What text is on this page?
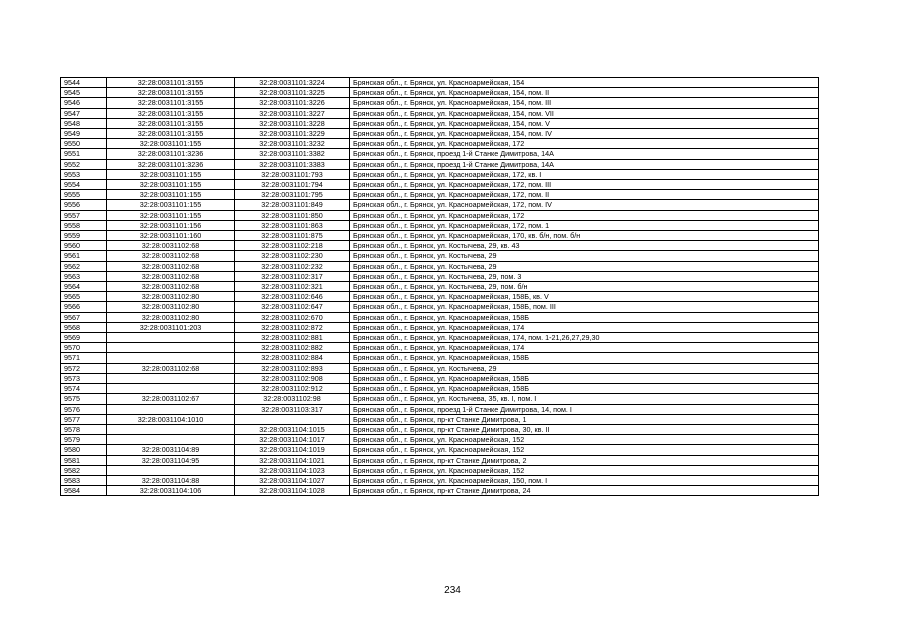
9544	32:28:0031101:3155	32:28:0031101:3224	Брянская обл., г. Брянск, ул. Красноармейская, 154
9545	32:28:0031101:3155	32:28:0031101:3225	Брянская обл., г. Брянск, ул. Красноармейская, 154, пом. II
9546	32:28:0031101:3155	32:28:0031101:3226	Брянская обл., г. Брянск, ул. Красноармейская, 154, пом. III
9547	32:28:0031101:3155	32:28:0031101:3227	Брянская обл., г. Брянск, ул. Красноармейская, 154, пом. VII
9548	32:28:0031101:3155	32:28:0031101:3228	Брянская обл., г. Брянск, ул. Красноармейская, 154, пом. V
9549	32:28:0031101:3155	32:28:0031101:3229	Брянская обл., г. Брянск, ул. Красноармейская, 154, пом. IV
9550	32:28:0031101:155	32:28:0031101:3232	Брянская обл., г. Брянск, ул. Красноармейская, 172
9551	32:28:0031101:3236	32:28:0031101:3382	Брянская обл., г. Брянск, проезд 1-й Станке Димитрова, 14А
9552	32:28:0031101:3236	32:28:0031101:3383	Брянская обл., г. Брянск, проезд 1-й Станке Димитрова, 14А
9553	32:28:0031101:155	32:28:0031101:793	Брянская обл., г. Брянск, ул. Красноармейская, 172, кв. I
9554	32:28:0031101:155	32:28:0031101:794	Брянская обл., г. Брянск, ул. Красноармейская, 172, пом. III
9555	32:28:0031101:155	32:28:0031101:795	Брянская обл., г. Брянск, ул. Красноармейская, 172, пом. II
9556	32:28:0031101:155	32:28:0031101:849	Брянская обл., г. Брянск, ул. Красноармейская, 172, пом. IV
9557	32:28:0031101:155	32:28:0031101:850	Брянская обл., г. Брянск, ул. Красноармейская, 172
9558	32:28:0031101:156	32:28:0031101:863	Брянская обл., г. Брянск, ул. Красноармейская, 172, пом. 1
9559	32:28:0031101:160	32:28:0031101:875	Брянская обл., г. Брянск, ул. Красноармейская, 170, кв. б/н, пом. б/н
9560	32:28:0031102:68	32:28:0031102:218	Брянская обл., г. Брянск, ул. Костычева, 29, кв. 43
9561	32:28:0031102:68	32:28:0031102:230	Брянская обл., г. Брянск, ул. Костычева, 29
9562	32:28:0031102:68	32:28:0031102:232	Брянская обл., г. Брянск, ул. Костычева, 29
9563	32:28:0031102:68	32:28:0031102:317	Брянская обл., г. Брянск, ул. Костычева, 29, пом. 3
9564	32:28:0031102:68	32:28:0031102:321	Брянская обл., г. Брянск, ул. Костычева, 29, пом. б/н
9565	32:28:0031102:80	32:28:0031102:646	Брянская обл., г. Брянск, ул. Красноармейская, 158Б, кв. V
9566	32:28:0031102:80	32:28:0031102:647	Брянская обл., г. Брянск, ул. Красноармейская, 158Б, пом. III
9567	32:28:0031102:80	32:28:0031102:670	Брянская обл., г. Брянск, ул. Красноармейская, 158Б
9568	32:28:0031101:203	32:28:0031102:872	Брянская обл., г. Брянск, ул. Красноармейская, 174
9569		32:28:0031102:881	Брянская обл., г. Брянск, ул. Красноармейская, 174, пом. 1-21,26,27,29,30
9570		32:28:0031102:882	Брянская обл., г. Брянск, ул. Красноармейская, 174
9571		32:28:0031102:884	Брянская обл., г. Брянск, ул. Красноармейская, 158Б
9572	32:28:0031102:68	32:28:0031102:893	Брянская обл., г. Брянск, ул. Костычева, 29
9573		32:28:0031102:908	Брянская обл., г. Брянск, ул. Красноармейская, 158Б
9574		32:28:0031102:912	Брянская обл., г. Брянск, ул. Красноармейская, 158Б
9575	32:28:0031102:67	32:28:0031102:98	Брянская обл., г. Брянск, ул. Костычева, 35, кв. I, пом. I
9576		32:28:0031103:317	Брянская обл., г. Брянск, проезд 1-й Станке Димитрова, 14, пом. I
9577	32:28:0031104:1010		Брянская обл., г. Брянск, пр-кт Станке Димитрова, 1
9578		32:28:0031104:1015	Брянская обл., г. Брянск, пр-кт Станке Димитрова, 30, кв. II
9579		32:28:0031104:1017	Брянская обл., г. Брянск, ул. Красноармейская, 152
9580	32:28:0031104:89	32:28:0031104:1019	Брянская обл., г. Брянск, ул. Красноармейская, 152
9581	32:28:0031104:95	32:28:0031104:1021	Брянская обл., г. Брянск, пр-кт Станке Димитрова, 2
9582		32:28:0031104:1023	Брянская обл., г. Брянск, ул. Красноармейская, 152
9583	32:28:0031104:88	32:28:0031104:1027	Брянская обл., г. Брянск, ул. Красноармейская, 150, пом. I
9584	32:28:0031104:106	32:28:0031104:1028	Брянская обл., г. Брянск, пр-кт Станке Димитрова, 24
234
